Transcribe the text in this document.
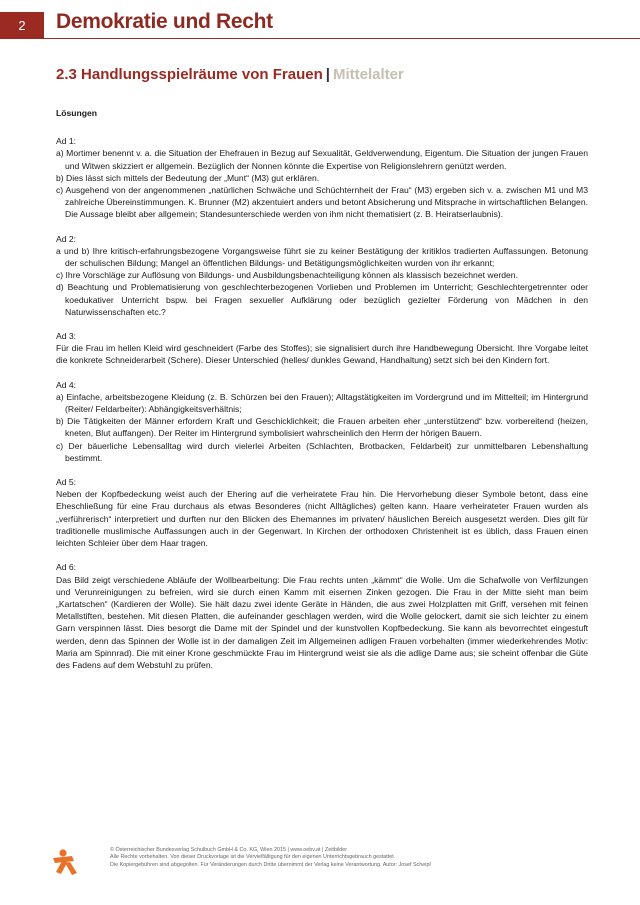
2	Demokratie und Recht
2.3 Handlungsspielräume von Frauen | Mittelalter

Lösungen

Ad 1:

a) Mortimer benennt v. a. die Situation der Ehefrauen in Bezug auf Sexualität, Geldverwendung, Eigentum. Die Situation der jungen Frauen und Witwen skizziert er allgemein. Bezüglich der Nonnen könnte die Expertise von Religionslehrern genützt werden.

b) Dies lässt sich mittels der Bedeutung der „Munt“ (M3) gut erklären.

c) Ausgehend von der angenommenen „natürlichen Schwäche und Schüchternheit der Frau“ (M3) ergeben sich v. a. zwischen M1 und M3 zahlreiche Übereinstimmungen. K. Brunner (M2) akzentuiert anders und betont Absicherung und Mitsprache in wirtschaftlichen Belangen. Die Aussage bleibt aber allgemein; Standesunterschiede werden von ihm nicht thematisiert (z. B. Heiratserlaubnis).

Ad 2:

a und b) Ihre kritisch-erfahrungsbezogene Vorgangsweise führt sie zu keiner Bestätigung der kritiklos tradierten Auffassungen. Betonung der schulischen Bildung; Mangel an öffentlichen Bildungs- und Betätigungsmöglichkeiten wurden von ihr erkannt;

c) Ihre Vorschläge zur Auflösung von Bildungs- und Ausbildungsbenachteiligung können als klassisch bezeichnet werden.

d) Beachtung und Problematisierung von geschlechterbezogenen Vorlieben und Problemen im Unterricht; Geschlechtergetrennter oder koedukativer Unterricht bspw. bei Fragen sexueller Aufklärung oder bezüglich gezielter Förderung von Mädchen in den Naturwissenschaften etc.?

Ad 3:

Für die Frau im hellen Kleid wird geschneidert (Farbe des Stoffes); sie signalisiert durch ihre Handbewegung Übersicht. Ihre Vorgabe leitet die konkrete Schneiderarbeit (Schere). Dieser Unterschied (helles/ dunkles Gewand, Handhaltung) setzt sich bei den Kindern fort.

Ad 4:

a) Einfache, arbeitsbezogene Kleidung (z. B. Schürzen bei den Frauen); Alltagstätigkeiten im Vordergrund und im Mittelteil; im Hintergrund (Reiter/ Feldarbeiter): Abhängigkeitsverhältnis;

b) Die Tätigkeiten der Männer erfordern Kraft und Geschicklichkeit; die Frauen arbeiten eher „unterstützend“ bzw. vorbereitend (heizen, kneten, Blut auffangen). Der Reiter im Hintergrund symbolisiert wahrscheinlich den Herrn der hörigen Bauern.

c) Der bäuerliche Lebensalltag wird durch vielerlei Arbeiten (Schlachten, Brotbacken, Feldarbeit) zur unmittelbaren Lebenshaltung bestimmt.

Ad 5:

Neben der Kopfbedeckung weist auch der Ehering auf die verheiratete Frau hin. Die Hervorhebung dieser Symbole betont, dass eine Eheschließung für eine Frau durchaus als etwas Besonderes (nicht Alltägliches) gelten kann. Haare verheirateter Frauen wurden als „verführerisch“ interpretiert und durften nur den Blicken des Ehemannes im privaten/ häuslichen Bereich ausgesetzt werden. Dies gilt für traditionelle muslimische Auffassungen auch in der Gegenwart. In Kirchen der orthodoxen Christenheit ist es üblich, dass Frauen einen leichten Schleier über dem Haar tragen.

Ad 6:

Das Bild zeigt verschiedene Abläufe der Wollbearbeitung: Die Frau rechts unten „kämmt“ die Wolle. Um die Schafwolle von Verfilzungen und Verunreinigungen zu befreien, wird sie durch einen Kamm mit eisernen Zinken gezogen. Die Frau in der Mitte sieht man beim „Kartatschen“ (Kardieren der Wolle). Sie hält dazu zwei idente Geräte in Händen, die aus zwei Holzplatten mit Griff, versehen mit feinen Metallstiften, bestehen. Mit diesen Platten, die aufeinander geschlagen werden, wird die Wolle gelockert, damit sie sich leichter zu einem Garn verspinnen lässt. Dies besorgt die Dame mit der Spindel und der kunstvollen Kopfbedeckung. Sie kann als bevorrechtet eingestuft werden, denn das Spinnen der Wolle ist in der damaligen Zeit im Allgemeinen adligen Frauen vorbehalten (immer wiederkehrendes Motiv: Maria am Spinnrad). Die mit einer Krone geschmückte Frau im Hintergrund weist sie als die adlige Dame aus; sie scheint offenbar die Güte des Fadens auf dem Webstuhl zu prüfen.

© Österreichischer Bundesverlag Schulbuch GmbH & Co. KG, Wien 2015 | www.oebv.at | Zeitbilder
Alle Rechte vorbehalten. Von dieser Druckvorlage ist die Vervielfältigung für den eigenen Unterrichtsgebrauch gestattet.
Die Kopiergebühren sind abgegolten. Für Veränderungen durch Dritte übernimmt der Verlag keine Verantwortung. Autor: Josef Scheipl
